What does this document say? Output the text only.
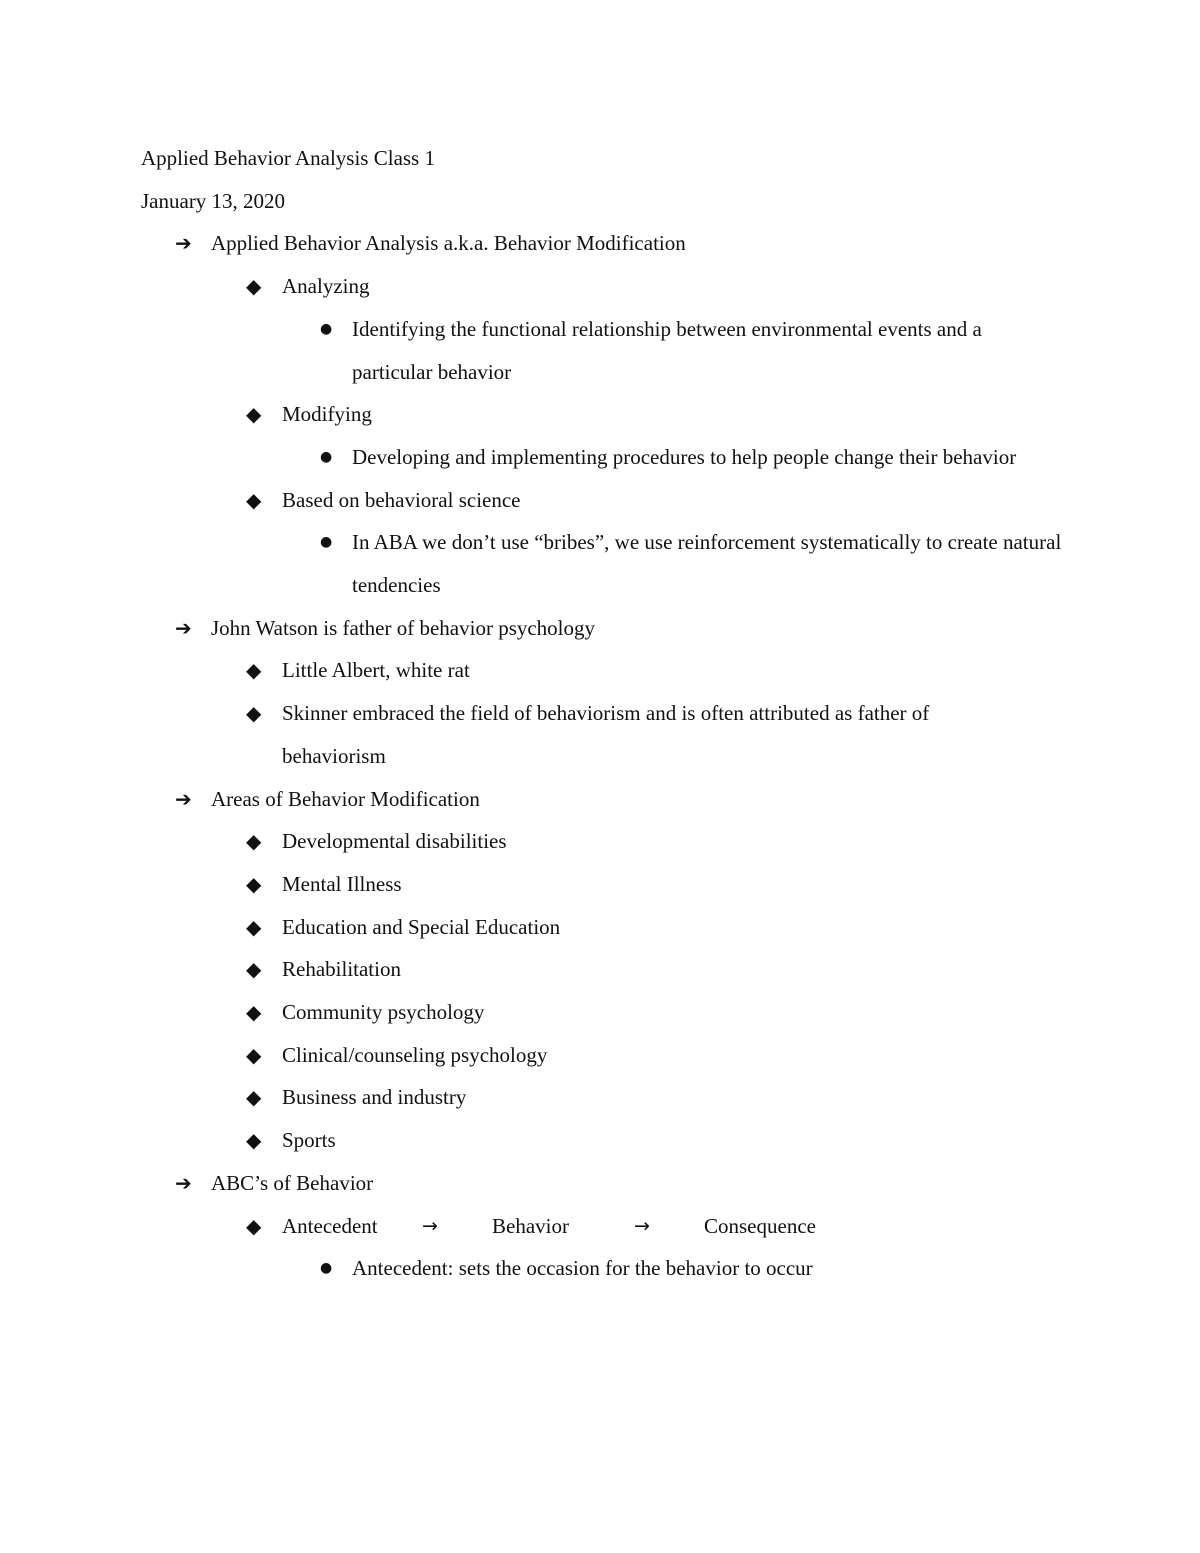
Applied Behavior Analysis Class 1
January 13, 2020
➔ Applied Behavior Analysis a.k.a. Behavior Modification
◆ Analyzing
● Identifying the functional relationship between environmental events and a particular behavior
◆ Modifying
● Developing and implementing procedures to help people change their behavior
◆ Based on behavioral science
● In ABA we don’t use “bribes”, we use reinforcement systematically to create natural tendencies
➔ John Watson is father of behavior psychology
◆ Little Albert, white rat
◆ Skinner embraced the field of behaviorism and is often attributed as father of behaviorism
➔ Areas of Behavior Modification
◆ Developmental disabilities
◆ Mental Illness
◆ Education and Special Education
◆ Rehabilitation
◆ Community psychology
◆ Clinical/counseling psychology
◆ Business and industry
◆ Sports
➔ ABC’s of Behavior
◆ Antecedent	→	Behavior	→	Consequence
● Antecedent: sets the occasion for the behavior to occur
